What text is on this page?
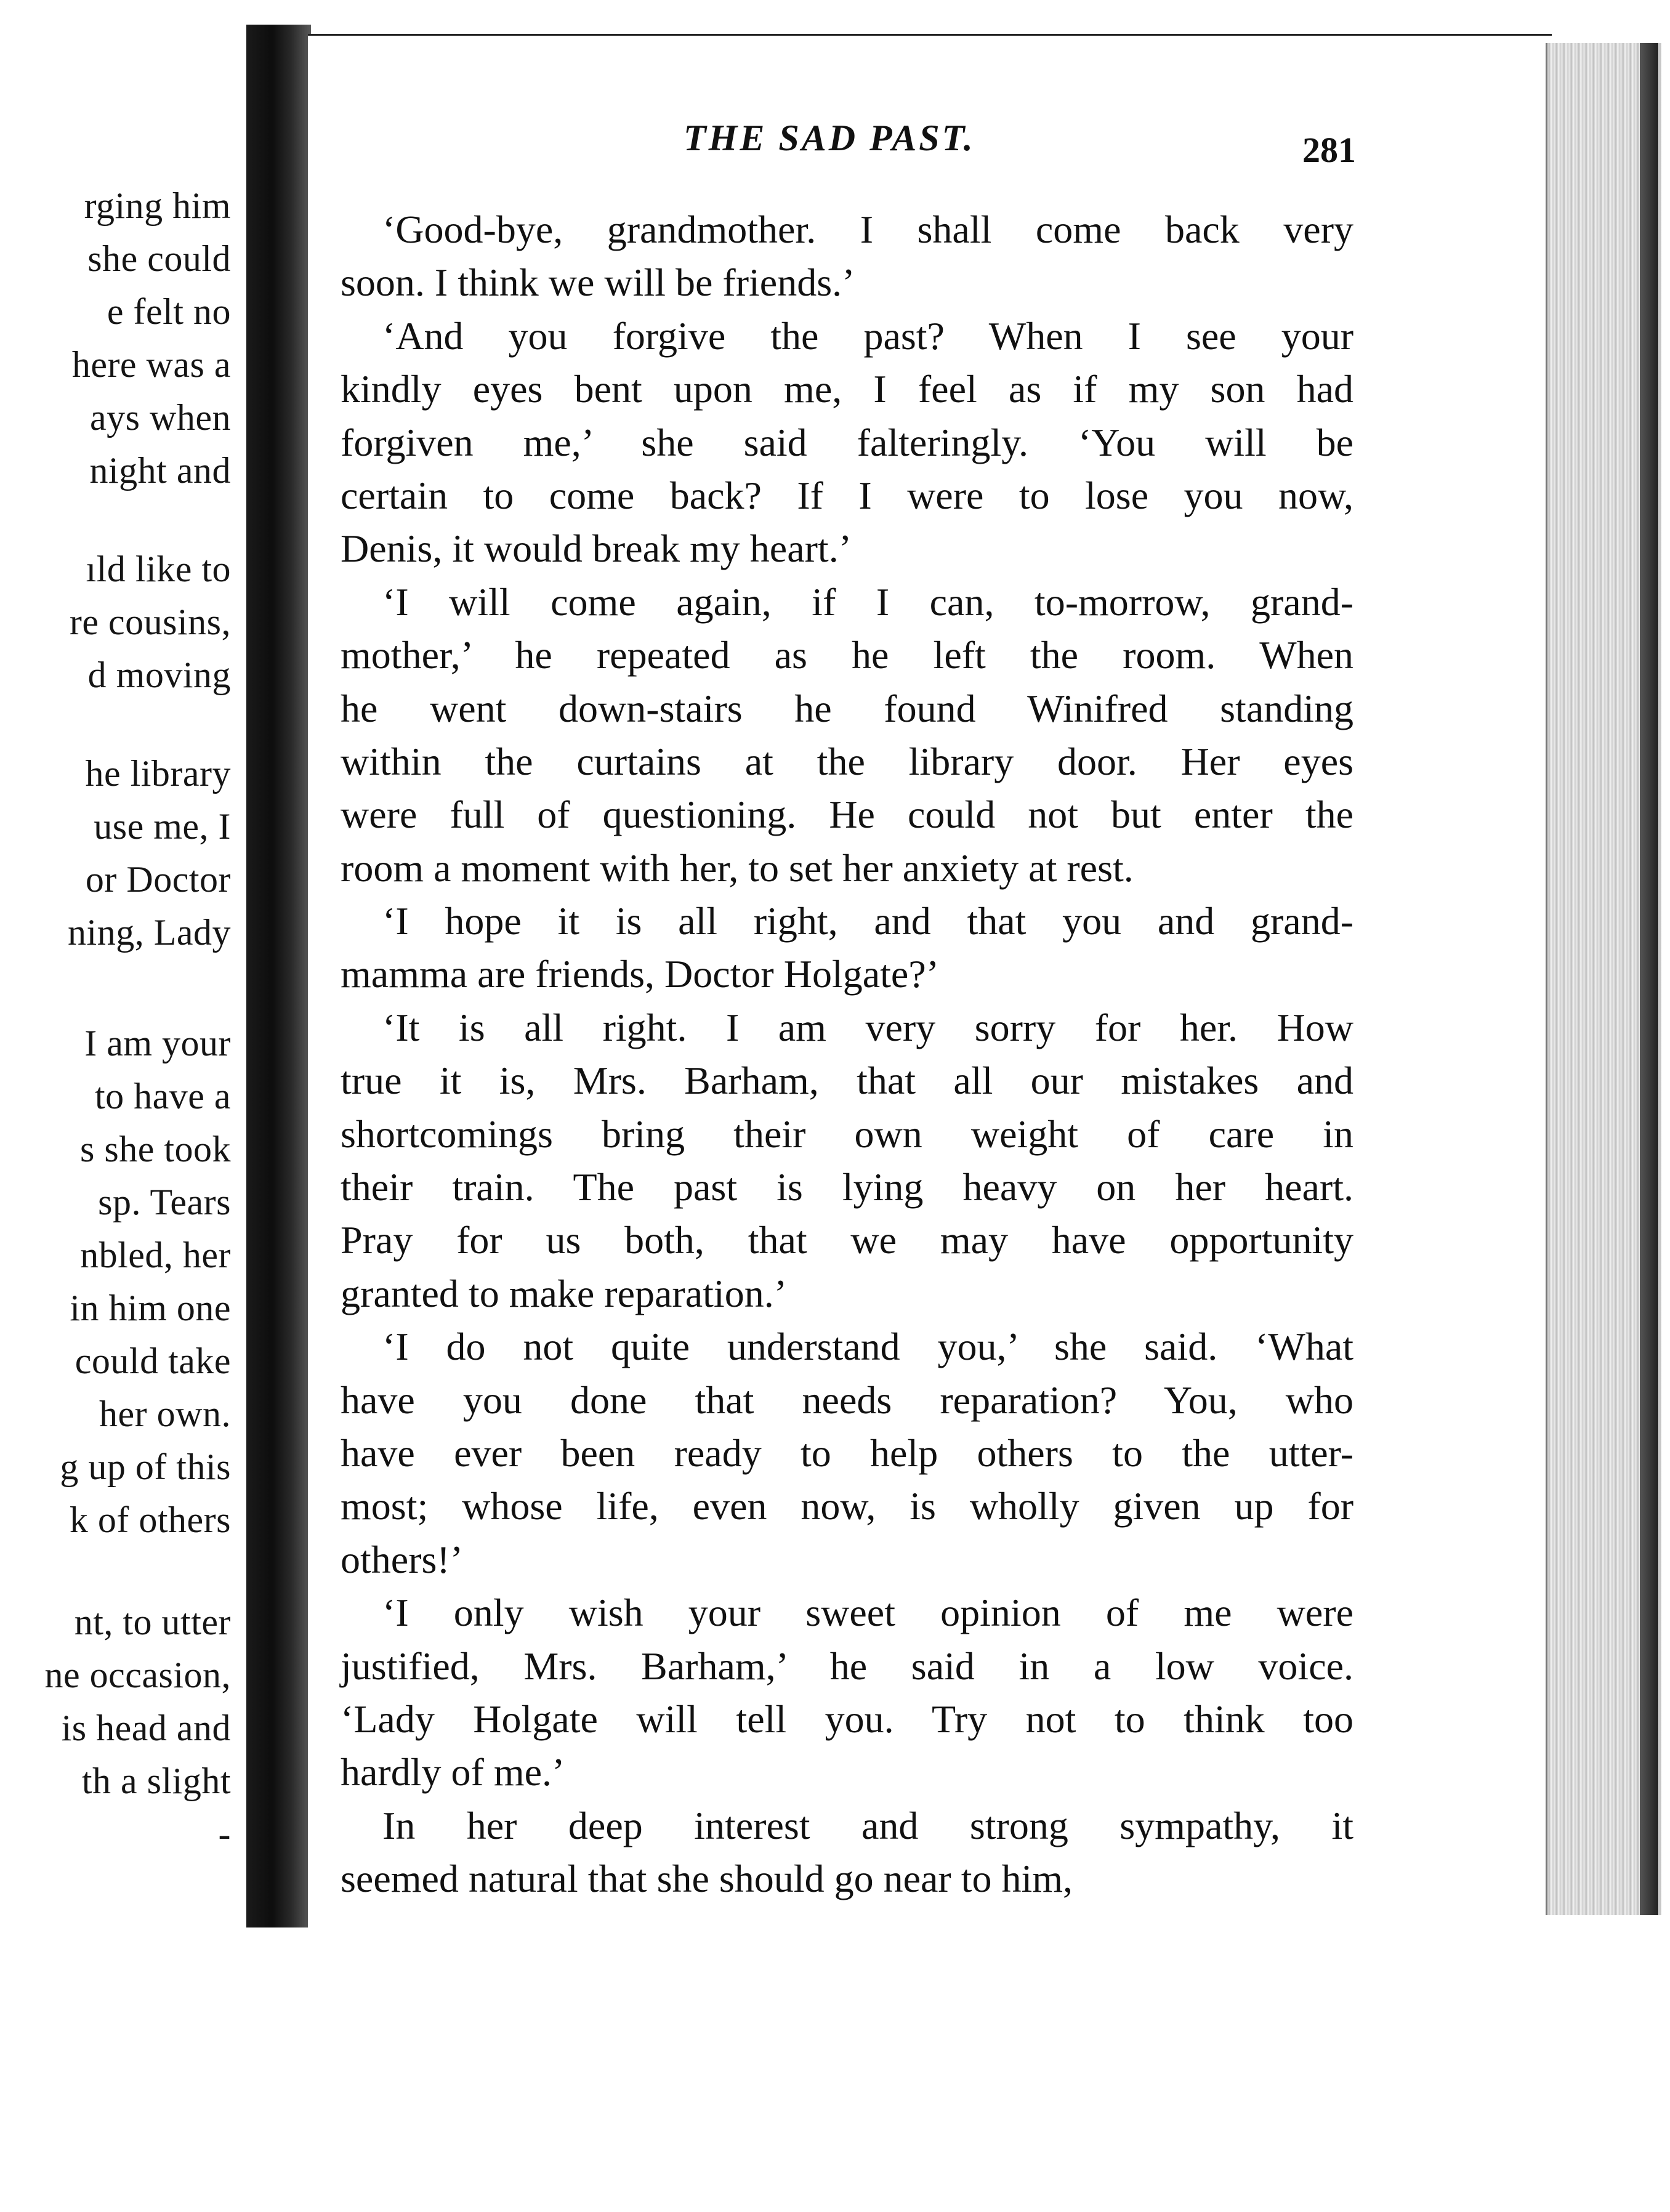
rging him
she could
e felt no
here was a
ays when
night and
ıld like to
re cousins,
d moving
he library
use me, I
or Doctor
ning, Lady
I am your
to have a
s she took
sp. Tears
nbled, her
in him one
could take
her own.
g up of this
k of others
nt, to utter
ne occasion,
is head and
th a slight
-
THE SAD PAST.	281
‘Good-bye, grandmother. I shall come back very
soon. I think we will be friends.’
‘And you forgive the past? When I see your
kindly eyes bent upon me, I feel as if my son had
forgiven me,’ she said falteringly. ‘You will be
certain to come back? If I were to lose you now,
Denis, it would break my heart.’
‘I will come again, if I can, to-morrow, grand-
mother,’ he repeated as he left the room. When
he went down-stairs he found Winifred standing
within the curtains at the library door. Her eyes
were full of questioning. He could not but enter the
room a moment with her, to set her anxiety at rest.
‘I hope it is all right, and that you and grand-
mamma are friends, Doctor Holgate?’
‘It is all right. I am very sorry for her. How
true it is, Mrs. Barham, that all our mistakes and
shortcomings bring their own weight of care in
their train. The past is lying heavy on her heart.
Pray for us both, that we may have opportunity
granted to make reparation.’
‘I do not quite understand you,’ she said. ‘What
have you done that needs reparation? You, who
have ever been ready to help others to the utter-
most; whose life, even now, is wholly given up for
others!’
‘I only wish your sweet opinion of me were
justified, Mrs. Barham,’ he said in a low voice.
‘Lady Holgate will tell you. Try not to think too
hardly of me.’
In her deep interest and strong sympathy, it
seemed natural that she should go near to him,
